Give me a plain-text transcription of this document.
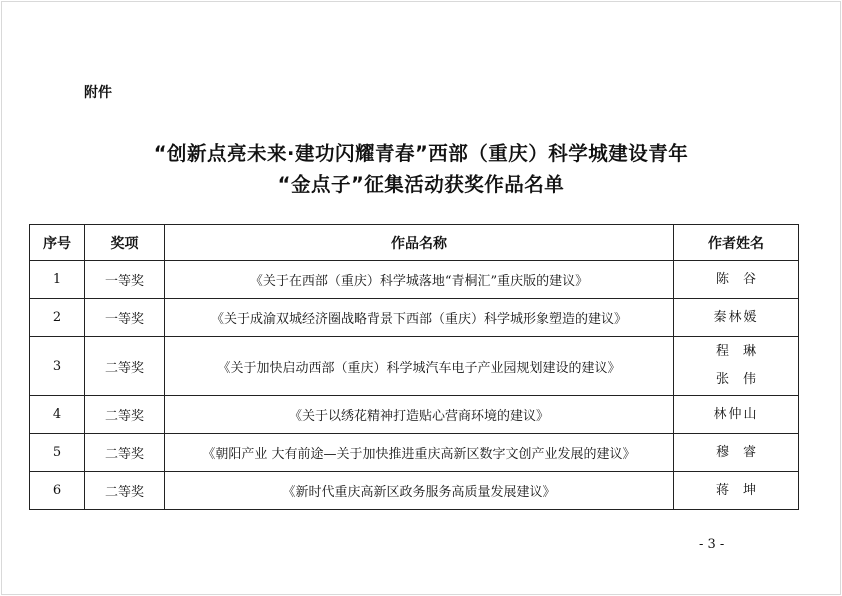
附件
“创新点亮未来·建功闪耀青春”西部（重庆）科学城建设青年
“金点子”征集活动获奖作品名单
序号	奖项	作品名称	作者姓名
1	一等奖	《关于在西部（重庆）科学城落地“青桐汇”重庆版的建议》	陈谷

2	一等奖	《关于成渝双城经济圈战略背景下西部（重庆）科学城形象塑造的建议》	秦林媛

3	二等奖	《关于加快启动西部（重庆）科学城汽车电子产业园规划建设的建议》	程琳
张伟

4	二等奖	《关于以绣花精神打造贴心营商环境的建议》	林仲山

5	二等奖	《朝阳产业 大有前途—关于加快推进重庆高新区数字文创产业发展的建议》	穆睿

6	二等奖	《新时代重庆高新区政务服务高质量发展建议》	蒋坤
- 3 -
